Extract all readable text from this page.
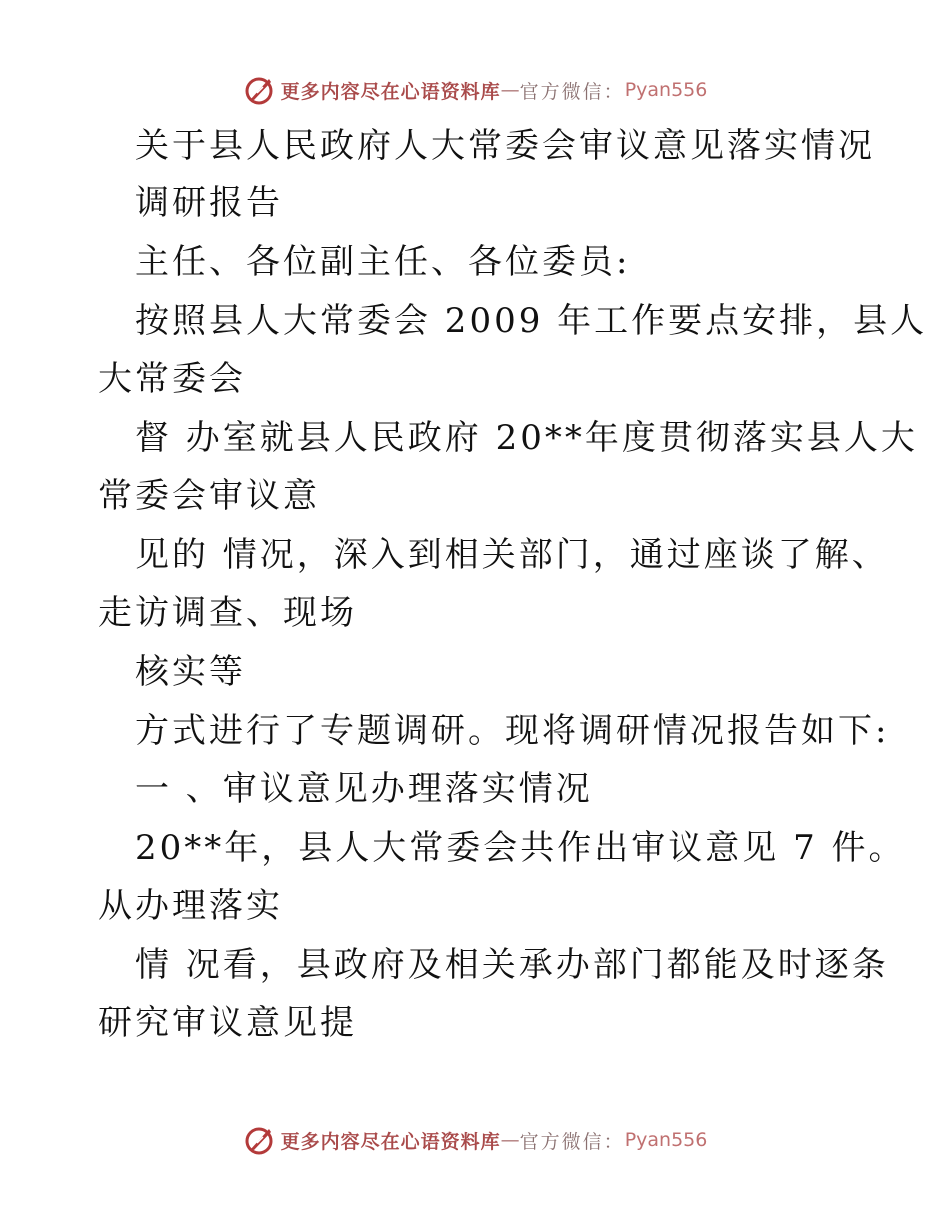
更多内容尽在心语资料库 — 官方微信： Pyan556
关于县人民政府人大常委会审议意见落实情况
调研报告
主任、各位副主任、各位委员:
按照县人大常委会 2009 年工作要点安排，县人
大常委会
督 办室就县人民政府 20**年度贯彻落实县人大
常委会审议意
见的 情况，深入到相关部门，通过座谈了解、
走访调查、现场
核实等
方式进行了专题调研。现将调研情况报告如下:
一 、审议意见办理落实情况
20**年，县人大常委会共作出审议意见 7 件。
从办理落实
情 况看，县政府及相关承办部门都能及时逐条
研究审议意见提
更多内容尽在心语资料库 — 官方微信： Pyan556
